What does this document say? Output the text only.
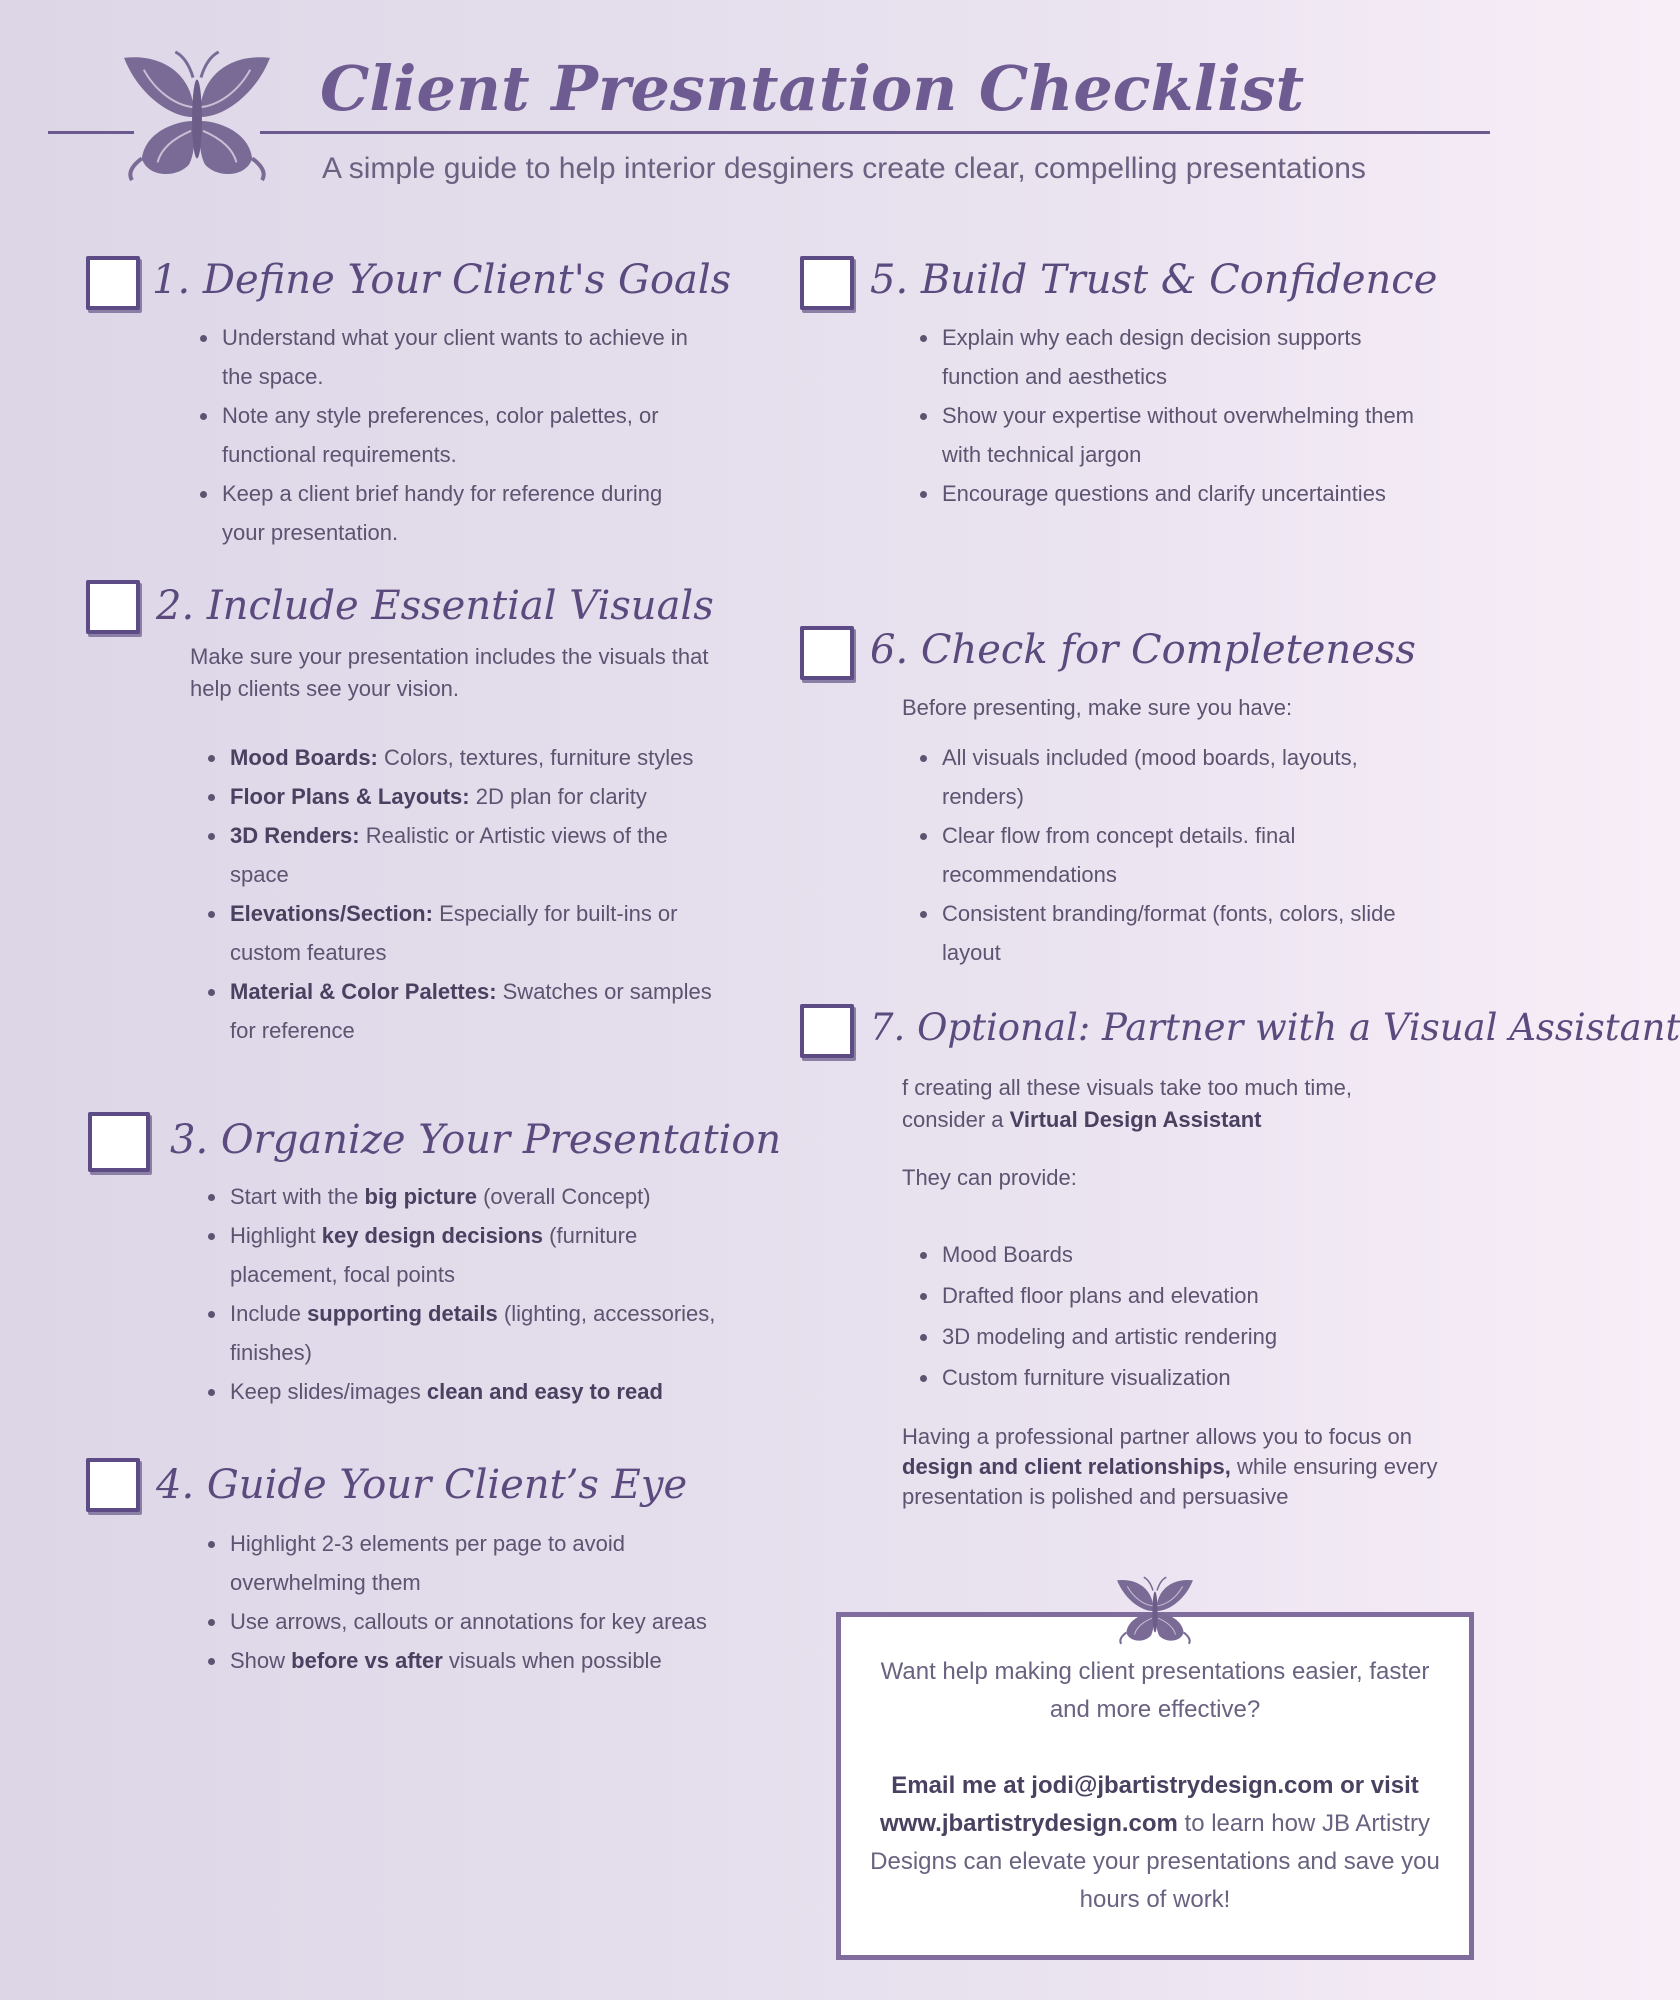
Client Presntation Checklist
A simple guide to help interior desginers create clear, compelling presentations
1. Define Your Client's Goals
• Understand what your client wants to achieve in the space.
• Note any style preferences, color palettes, or functional requirements.
• Keep a client brief handy for reference during your presentation.
2. Include Essential Visuals

Make sure your presentation includes the visuals that help clients see your vision.

• Mood Boards: Colors, textures, furniture styles
• Floor Plans & Layouts: 2D plan for clarity
• 3D Renders: Realistic or Artistic views of the space
• Elevations/Section: Especially for built-ins or custom features
• Material & Color Palettes: Swatches or samples for reference
3. Organize Your Presentation
• Start with the big picture (overall Concept)
• Highlight key design decisions (furniture placement, focal points
• Include supporting details (lighting, accessories, finishes)
• Keep slides/images clean and easy to read
4. Guide Your Client’s Eye
• Highlight 2-3 elements per page to avoid overwhelming them
• Use arrows, callouts or annotations for key areas
• Show before vs after visuals when possible
5. Build Trust & Confidence
• Explain why each design decision supports function and aesthetics
• Show your expertise without overwhelming them with technical jargon
• Encourage questions and clarify uncertainties
6. Check for Completeness

Before presenting, make sure you have:

• All visuals included (mood boards, layouts, renders)
• Clear flow from concept details. final recommendations
• Consistent branding/format (fonts, colors, slide layout
7. Optional: Partner with a Visual Assistant

f creating all these visuals take too much time, consider a Virtual Design Assistant

They can provide:

• Mood Boards
• Drafted floor plans and elevation
• 3D modeling and artistic rendering
• Custom furniture visualization

Having a professional partner allows you to focus on design and client relationships, while ensuring every presentation is polished and persuasive

Want help making client presentations easier, faster and more effective?
Email me at jodi@jbartistrydesign.com or visit www.jbartistrydesign.com to learn how JB Artistry Designs can elevate your presentations and save you hours of work!
